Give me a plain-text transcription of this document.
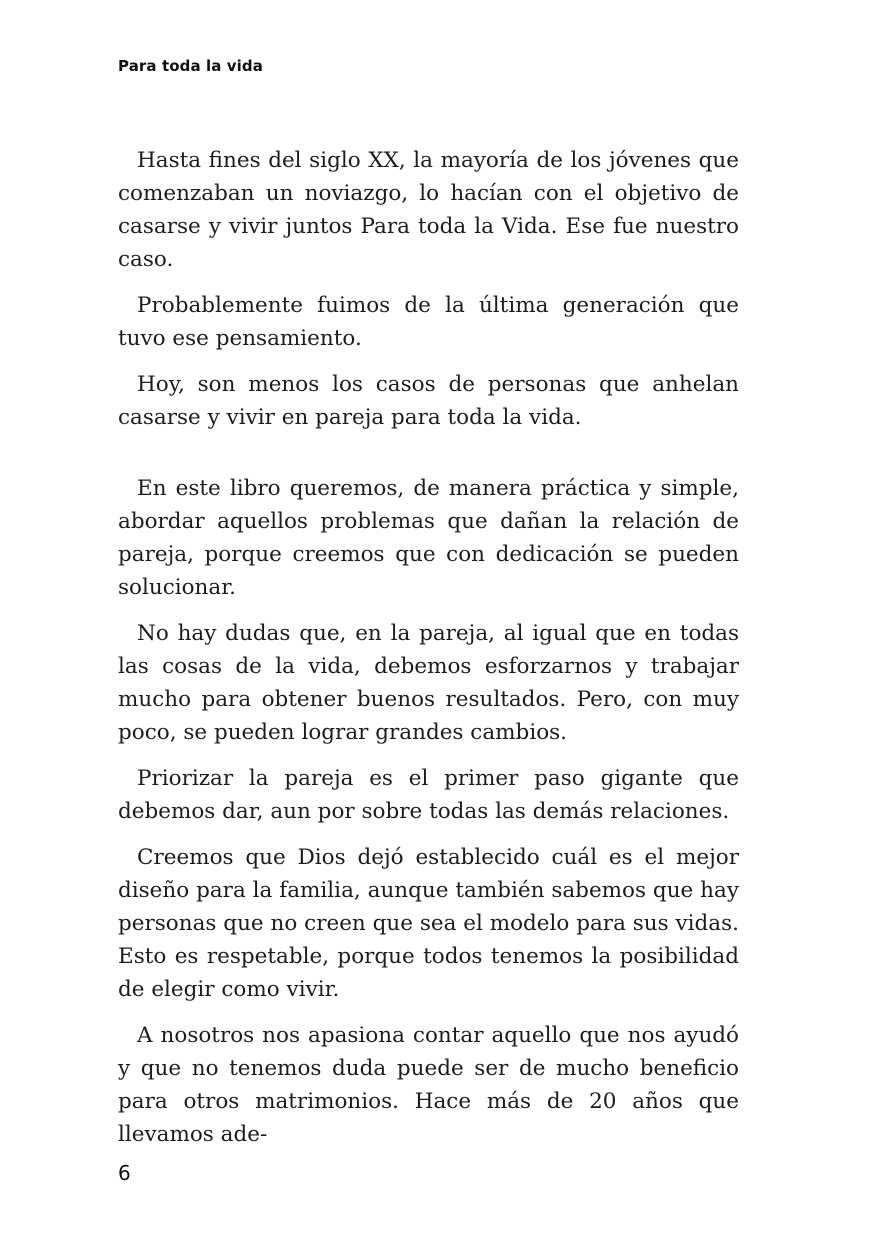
Para toda la vida

Hasta fines del siglo XX, la mayoría de los jóvenes que comenzaban un noviazgo, lo hacían con el objetivo de casarse y vivir juntos Para toda la Vida. Ese fue nuestro caso.

Probablemente fuimos de la última generación que tuvo ese pensamiento.

Hoy, son menos los casos de personas que anhelan casarse y vivir en pareja para toda la vida.

En este libro queremos, de manera práctica y simple, abordar aquellos problemas que dañan la relación de pareja, porque creemos que con dedicación se pueden solucionar.

No hay dudas que, en la pareja, al igual que en todas las cosas de la vida, debemos esforzarnos y trabajar mucho para obtener buenos resultados. Pero, con muy poco, se pueden lograr grandes cambios.

Priorizar la pareja es el primer paso gigante que debemos dar, aun por sobre todas las demás relaciones.

Creemos que Dios dejó establecido cuál es el mejor diseño para la familia, aunque también sabemos que hay personas que no creen que sea el modelo para sus vidas. Esto es respetable, porque todos tenemos la posibilidad de elegir como vivir.

A nosotros nos apasiona contar aquello que nos ayudó y que no tenemos duda puede ser de mucho beneficio para otros matrimonios. Hace más de 20 años que llevamos ade-

6
